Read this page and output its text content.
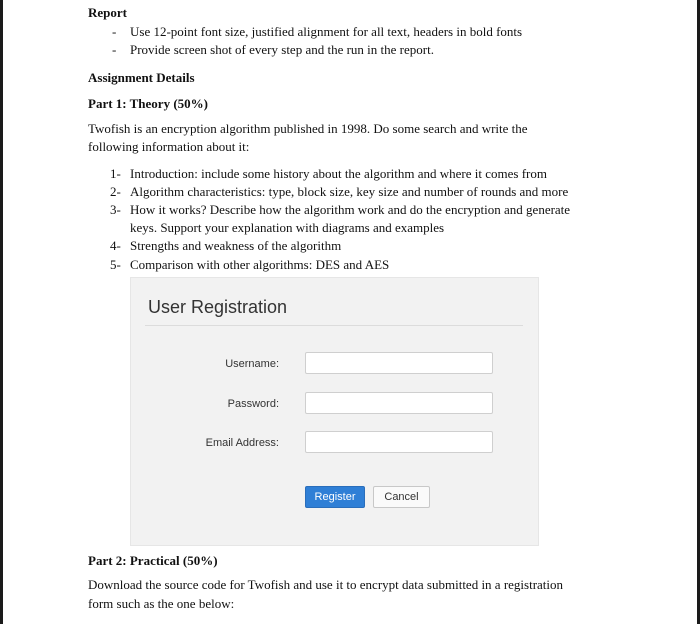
Report
- Use 12-point font size, justified alignment for all text, headers in bold fonts
- Provide screen shot of every step and the run in the report.
Assignment Details
Part 1: Theory (50%)
Twofish is an encryption algorithm published in 1998. Do some search and write the
following information about it:
1- Introduction: include some history about the algorithm and where it comes from
2- Algorithm characteristics: type, block size, key size and number of rounds and more
3- How it works? Describe how the algorithm work and do the encryption and generate
keys. Support your explanation with diagrams and examples
4- Strengths and weakness of the algorithm
5- Comparison with other algorithms: DES and AES
User Registration
Username:
Password:
Email Address:
Register	Cancel
Part 2: Practical (50%)
Download the source code for Twofish and use it to encrypt data submitted in a registration
form such as the one below:
